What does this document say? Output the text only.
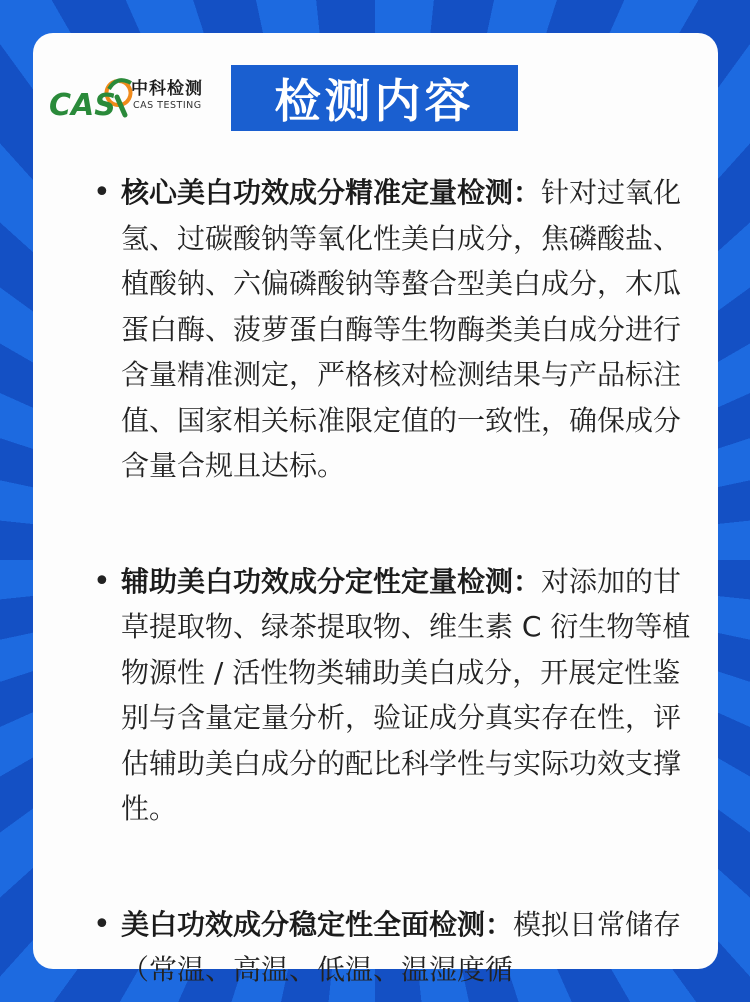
CAS 中科检测
CAS TESTING 检测内容
• 核心美白功效成分精准定量检测：针对过氧化氢、过碳酸钠等氧化性美白成分，焦磷酸盐、植酸钠、六偏磷酸钠等螯合型美白成分，木瓜蛋白酶、菠萝蛋白酶等生物酶类美白成分进行含量精准测定，严格核对检测结果与产品标注值、国家相关标准限定值的一致性，确保成分含量合规且达标。
• 辅助美白功效成分定性定量检测：对添加的甘草提取物、绿茶提取物、维生素 C 衍生物等植物源性 / 活性物类辅助美白成分，开展定性鉴别与含量定量分析，验证成分真实存在性，评估辅助美白成分的配比科学性与实际功效支撑性。
• 美白功效成分稳定性全面检测：模拟日常储存（常温、高温、低温、温湿度循
